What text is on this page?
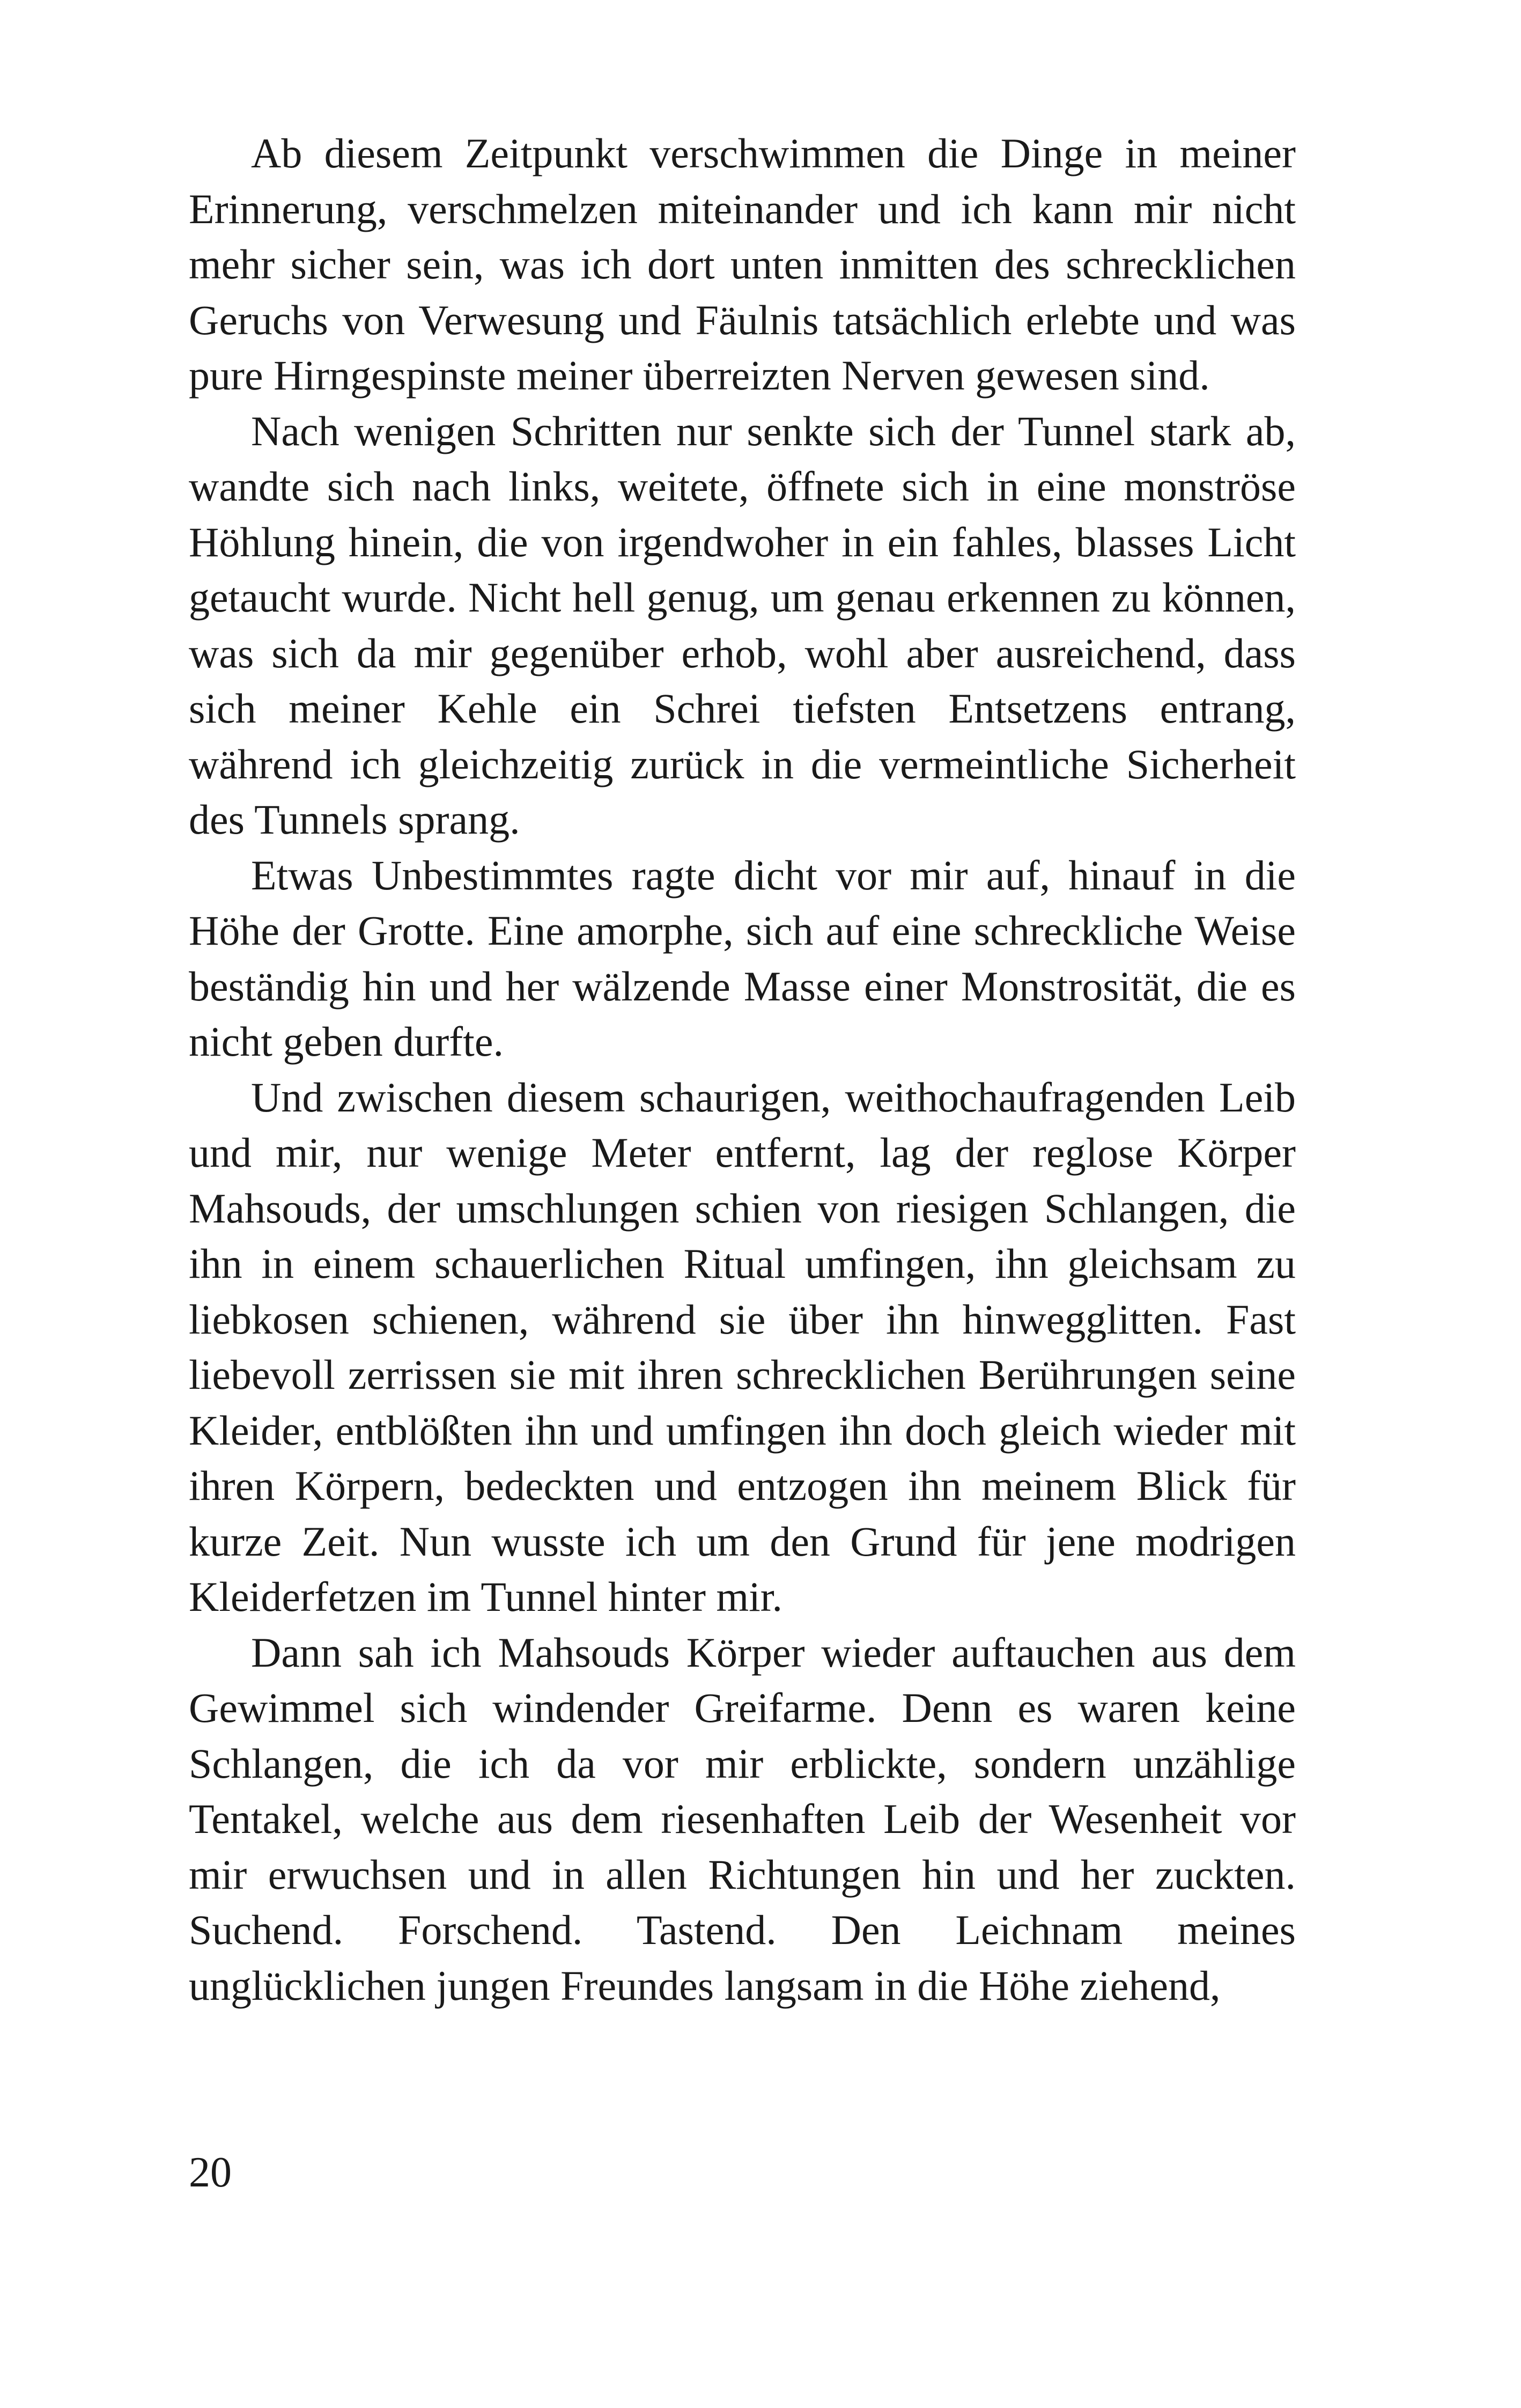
Ab diesem Zeitpunkt verschwimmen die Dinge in meiner Erinnerung, verschmelzen miteinander und ich kann mir nicht mehr sicher sein, was ich dort unten inmitten des schrecklichen Geruchs von Verwesung und Fäulnis tatsächlich erlebte und was pure Hirngespinste meiner überreizten Nerven gewesen sind.

Nach wenigen Schritten nur senkte sich der Tunnel stark ab, wandte sich nach links, weitete, öffnete sich in eine monströse Höhlung hinein, die von irgendwoher in ein fahles, blasses Licht getaucht wurde. Nicht hell genug, um genau erkennen zu können, was sich da mir gegenüber erhob, wohl aber ausreichend, dass sich meiner Kehle ein Schrei tiefsten Entsetzens entrang, während ich gleichzeitig zurück in die vermeintliche Sicherheit des Tunnels sprang.

Etwas Unbestimmtes ragte dicht vor mir auf, hinauf in die Höhe der Grotte. Eine amorphe, sich auf eine schreckliche Weise beständig hin und her wälzende Masse einer Monstrosität, die es nicht geben durfte.

Und zwischen diesem schaurigen, weithochaufragenden Leib und mir, nur wenige Meter entfernt, lag der reglose Körper Mahsouds, der umschlungen schien von riesigen Schlangen, die ihn in einem schauerlichen Ritual umfingen, ihn gleichsam zu liebkosen schienen, während sie über ihn hinwegglitten. Fast liebevoll zerrissen sie mit ihren schrecklichen Berührungen seine Kleider, entblößten ihn und umfingen ihn doch gleich wieder mit ihren Körpern, bedeckten und entzogen ihn meinem Blick für kurze Zeit. Nun wusste ich um den Grund für jene modrigen Kleiderfetzen im Tunnel hinter mir.

Dann sah ich Mahsouds Körper wieder auftauchen aus dem Gewimmel sich windender Greifarme. Denn es waren keine Schlangen, die ich da vor mir erblickte, sondern unzählige Tentakel, welche aus dem riesenhaften Leib der Wesenheit vor mir erwuchsen und in allen Richtungen hin und her zuckten. Suchend. Forschend. Tastend. Den Leichnam meines unglücklichen jungen Freundes langsam in die Höhe ziehend,

20
